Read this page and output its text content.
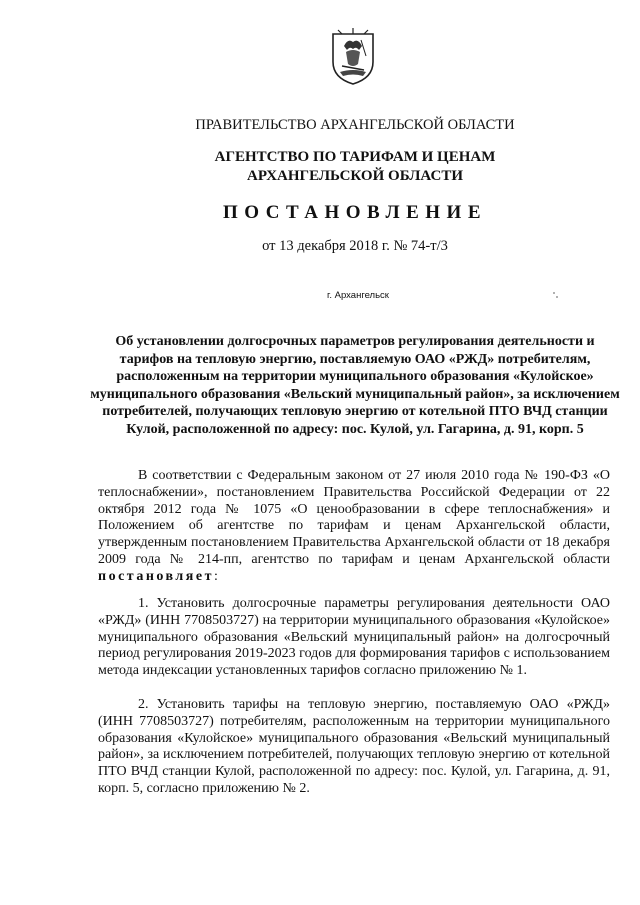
ПРАВИТЕЛЬСТВО АРХАНГЕЛЬСКОЙ ОБЛАСТИ
АГЕНТСТВО ПО ТАРИФАМ И ЦЕНАМ
АРХАНГЕЛЬСКОЙ ОБЛАСТИ
ПОСТАНОВЛЕНИЕ
от 13 декабря 2018 г. № 74-т/3
г. Архангельск
Об установлении долгосрочных параметров регулирования деятельности и тарифов на тепловую энергию, поставляемую ОАО «РЖД» потребителям, расположенным на территории муниципального образования «Кулойское» муниципального образования «Вельский муниципальный район», за исключением потребителей, получающих тепловую энергию от котельной ПТО ВЧД станции Кулой, расположенной по адресу: пос. Кулой, ул. Гагарина, д. 91, корп. 5
В соответствии с Федеральным законом от 27 июля 2010 года № 190-ФЗ «О теплоснабжении», постановлением Правительства Российской Федерации от 22 октября 2012 года № 1075 «О ценообразовании в сфере теплоснабжения» и Положением об агентстве по тарифам и ценам Архангельской области, утвержденным постановлением Правительства Архангельской области от 18 декабря 2009 года № 214-пп, агентство по тарифам и ценам Архангельской области постановляет:
1. Установить долгосрочные параметры регулирования деятельности ОАО «РЖД» (ИНН 7708503727) на территории муниципального образования «Кулойское» муниципального образования «Вельский муниципальный район» на долгосрочный период регулирования 2019-2023 годов для формирования тарифов с использованием метода индексации установленных тарифов согласно приложению № 1.
2. Установить тарифы на тепловую энергию, поставляемую ОАО «РЖД» (ИНН 7708503727) потребителям, расположенным на территории муниципального образования «Кулойское» муниципального образования «Вельский муниципальный район», за исключением потребителей, получающих тепловую энергию от котельной ПТО ВЧД станции Кулой, расположенной по адресу: пос. Кулой, ул. Гагарина, д. 91, корп. 5, согласно приложению № 2.
